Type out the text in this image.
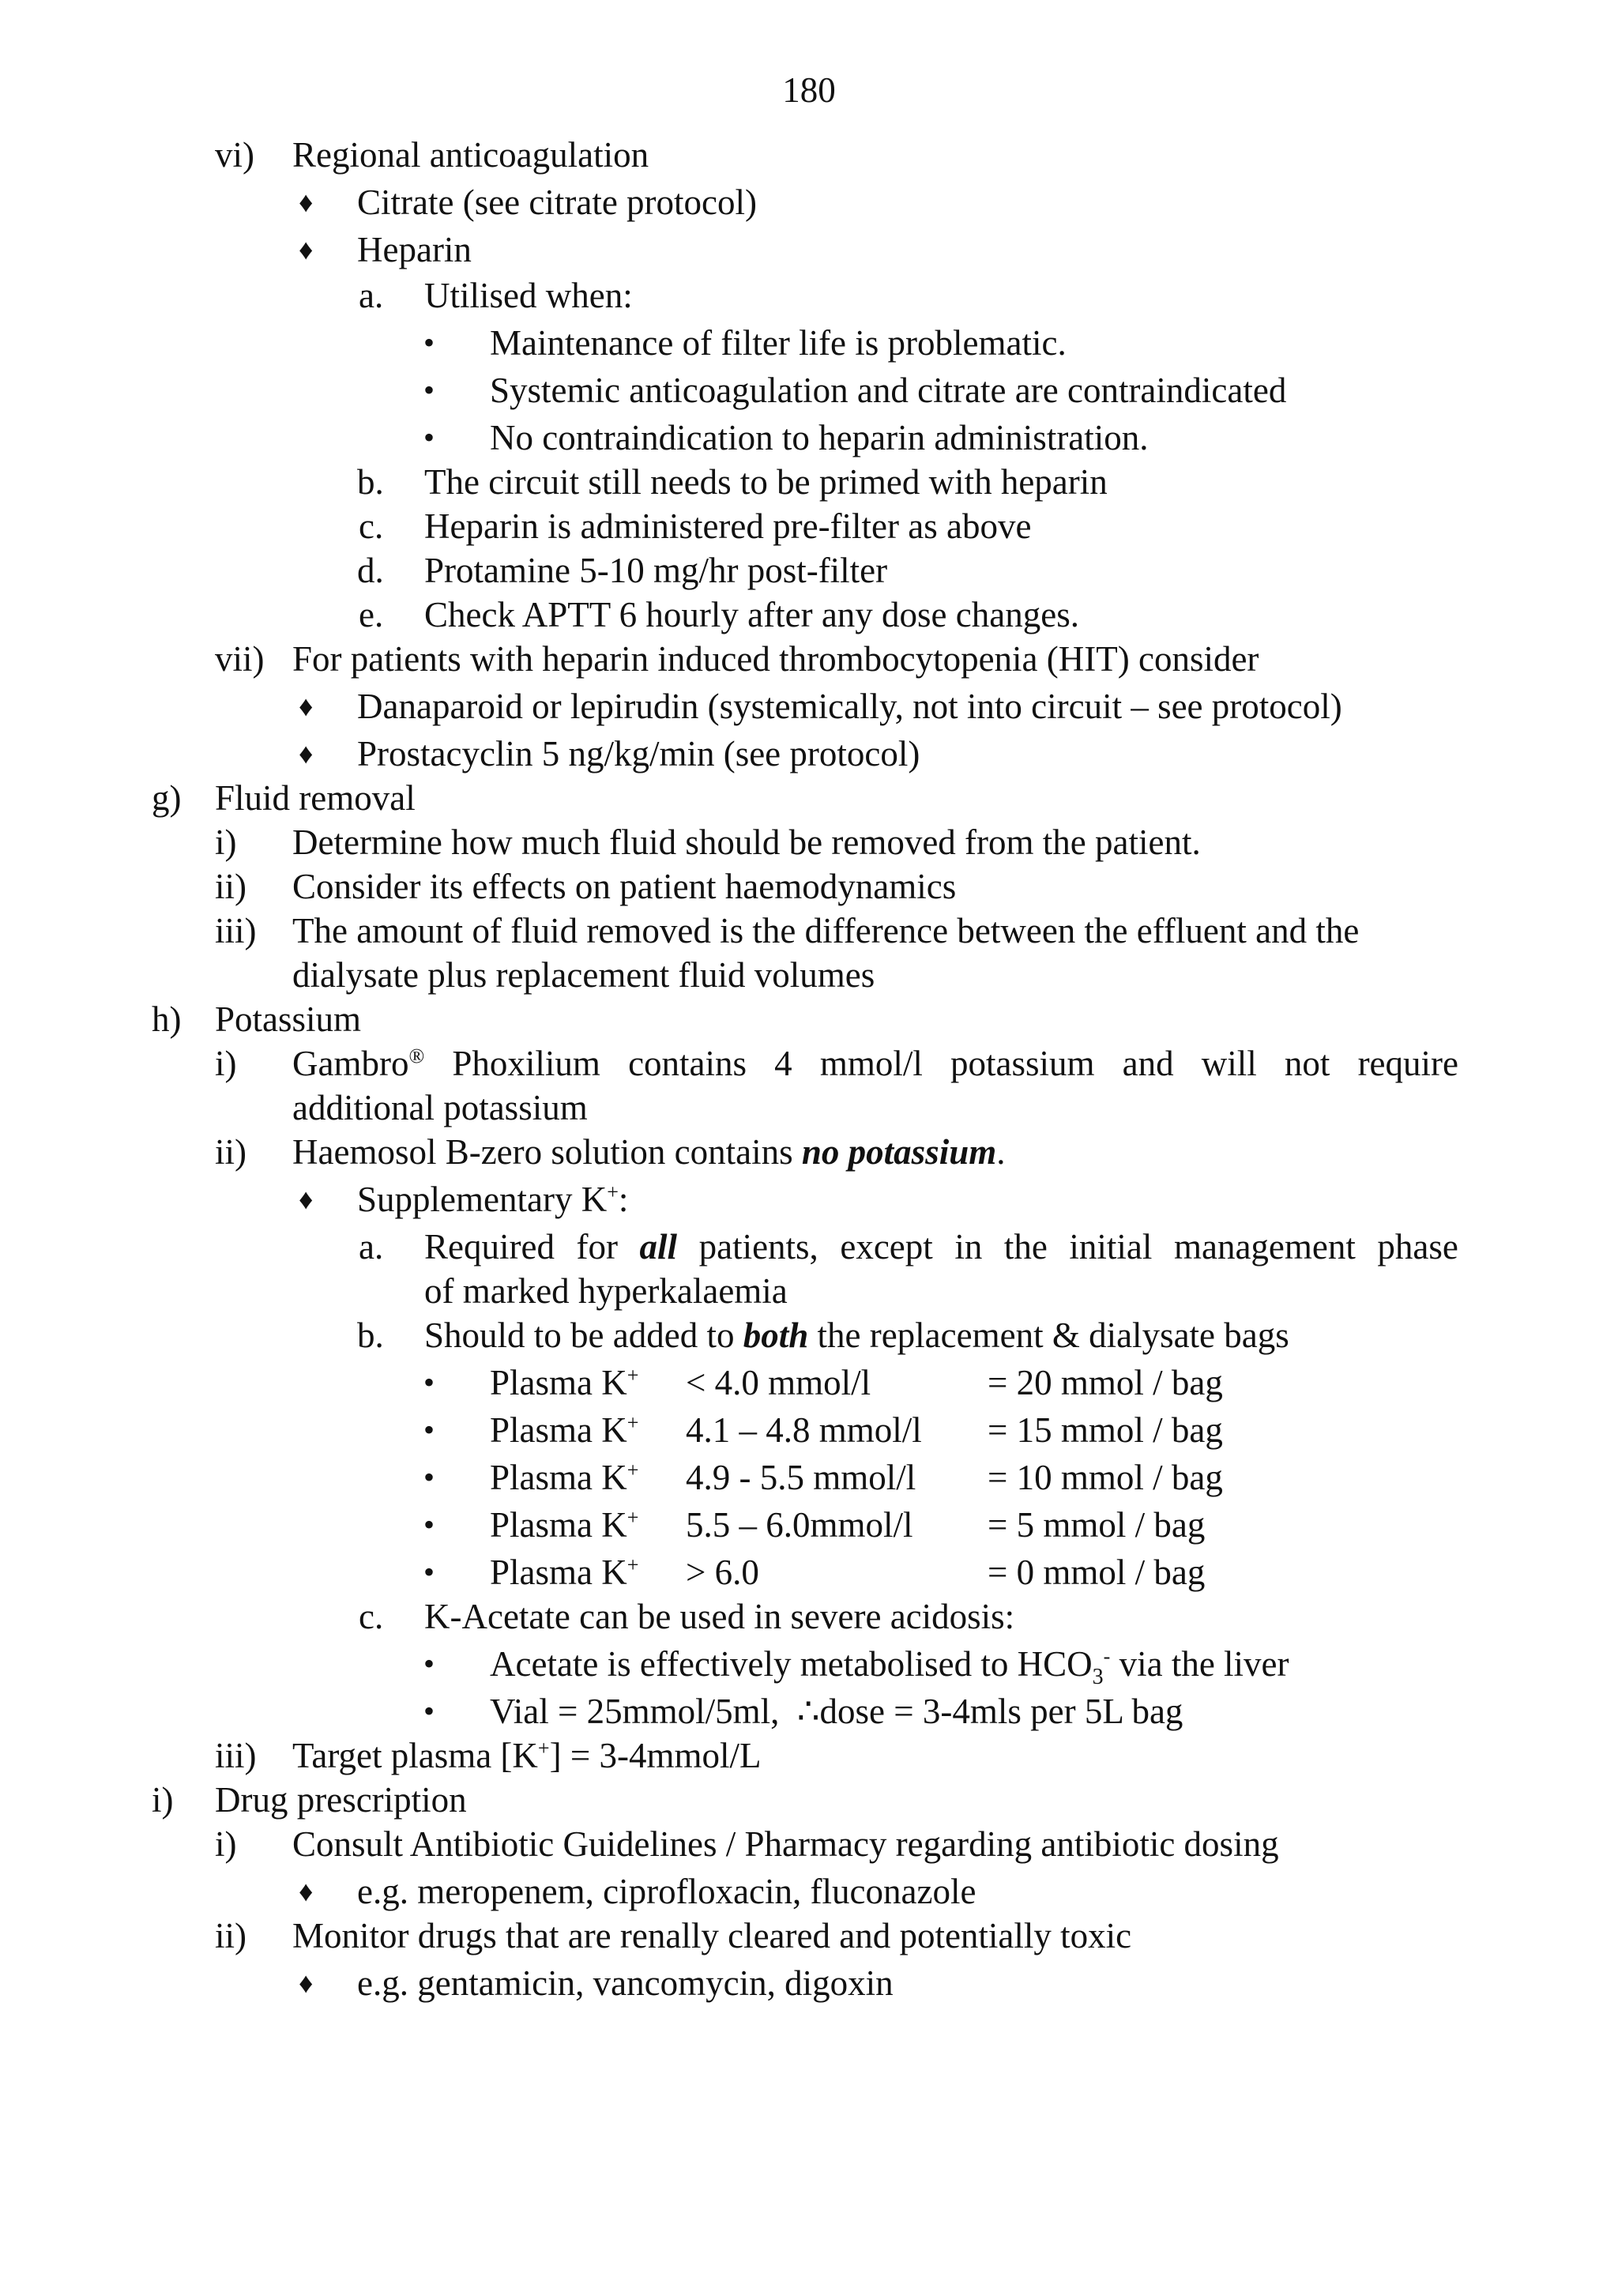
180
vi) Regional anticoagulation
♦ Citrate (see citrate protocol)
♦ Heparin
a. Utilised when:
• Maintenance of filter life is problematic.
• Systemic anticoagulation and citrate are contraindicated
• No contraindication to heparin administration.
b. The circuit still needs to be primed with heparin
c. Heparin is administered pre-filter as above
d. Protamine 5-10 mg/hr post-filter
e. Check APTT 6 hourly after any dose changes.
vii) For patients with heparin induced thrombocytopenia (HIT) consider
♦ Danaparoid or lepirudin (systemically, not into circuit – see protocol)
♦ Prostacyclin 5 ng/kg/min (see protocol)
g) Fluid removal
i) Determine how much fluid should be removed from the patient.
ii) Consider its effects on patient haemodynamics
iii) The amount of fluid removed is the difference between the effluent and the
dialysate plus replacement fluid volumes
h) Potassium
i) Gambro® Phoxilium contains 4 mmol/l potassium and will not require
additional potassium
ii) Haemosol B-zero solution contains no potassium.
♦ Supplementary K+:
a. Required for all patients, except in the initial management phase
of marked hyperkalaemia
b. Should to be added to both the replacement & dialysate bags
• Plasma K+ < 4.0 mmol/l	= 20 mmol / bag
• Plasma K+ 4.1 – 4.8 mmol/l = 15 mmol / bag
• Plasma K+ 4.9 - 5.5 mmol/l = 10 mmol / bag
• Plasma K+ 5.5 – 6.0mmol/l = 5 mmol / bag
• Plasma K+ > 6.0	= 0 mmol / bag
c. K-Acetate can be used in severe acidosis:
• Acetate is effectively metabolised to $HCO_3^-$ via the liver
• Vial = 25mmol/5ml,  ∴dose = 3-4mls per 5L bag
iii) Target plasma [K+] = 3-4mmol/L
i) Drug prescription
i) Consult Antibiotic Guidelines / Pharmacy regarding antibiotic dosing
♦ e.g. meropenem, ciprofloxacin, fluconazole
ii) Monitor drugs that are renally cleared and potentially toxic
♦ e.g. gentamicin, vancomycin, digoxin
